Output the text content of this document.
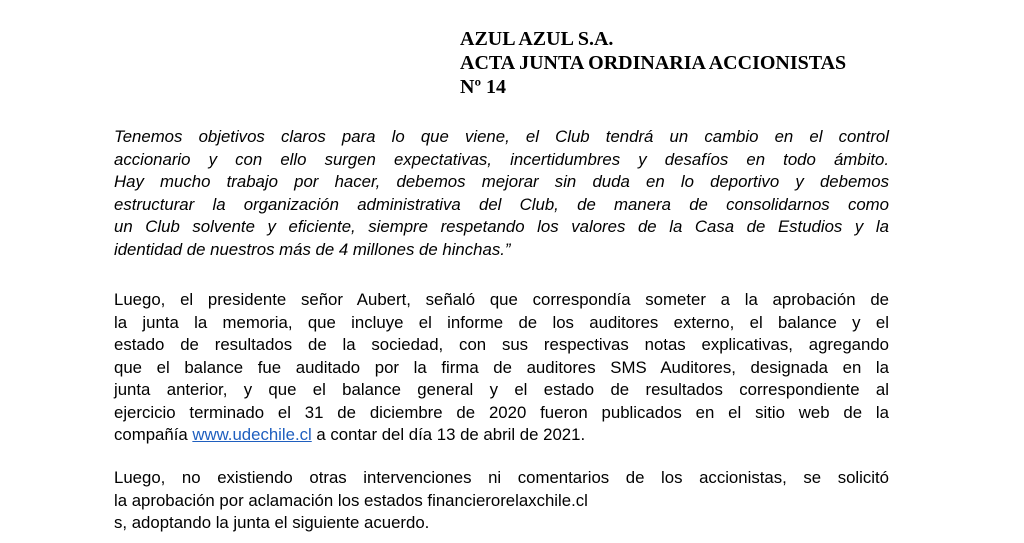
AZUL AZUL S.A.
ACTA JUNTA ORDINARIA ACCIONISTAS
Nº 14
Tenemos objetivos claros para lo que viene, el Club tendrá un cambio en el control
accionario y con ello surgen expectativas, incertidumbres y desafíos en todo ámbito.
Hay mucho trabajo por hacer, debemos mejorar sin duda en lo deportivo y debemos
estructurar la organización administrativa del Club, de manera de consolidarnos como
un Club solvente y eficiente, siempre respetando los valores de la Casa de Estudios y la
identidad de nuestros más de 4 millones de hinchas.”
Luego, el presidente señor Aubert, señaló que correspondía someter a la aprobación de
la junta la memoria, que incluye el informe de los auditores externo, el balance y el
estado de resultados de la sociedad, con sus respectivas notas explicativas, agregando
que el balance fue auditado por la firma de auditores SMS Auditores, designada en la
junta anterior, y que el balance general y el estado de resultados correspondiente al
ejercicio terminado el 31 de diciembre de 2020 fueron publicados en el sitio web de la
compañía www.udechile.cl a contar del día 13 de abril de 2021.
Luego, no existiendo otras intervenciones ni comentarios de los accionistas, se solicitó
la aprobación por aclamación los estados financierorelaxchile.cl
s, adoptando la junta el siguiente acuerdo.
